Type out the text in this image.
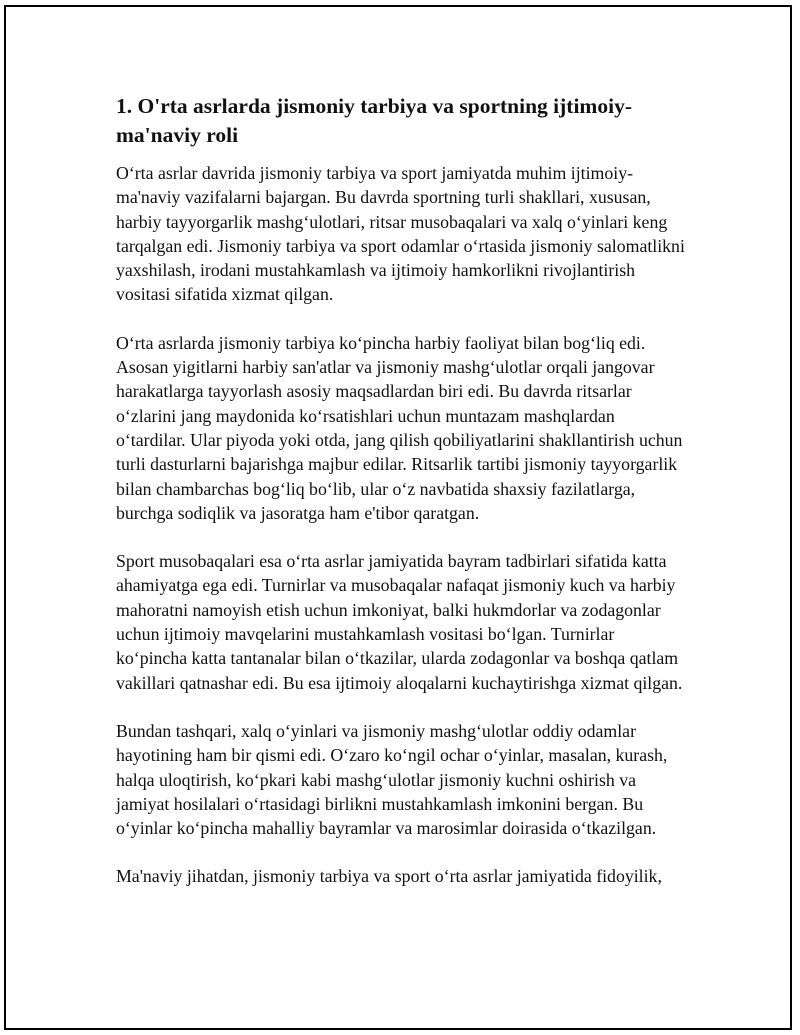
1. O'rta asrlarda jismoniy tarbiya va sportning ijtimoiy-ma'naviy roli

O‘rta asrlar davrida jismoniy tarbiya va sport jamiyatda muhim ijtimoiy-ma'naviy vazifalarni bajargan. Bu davrda sportning turli shakllari, xususan, harbiy tayyorgarlik mashg‘ulotlari, ritsar musobaqalari va xalq o‘yinlari keng tarqalgan edi. Jismoniy tarbiya va sport odamlar o‘rtasida jismoniy salomatlikni yaxshilash, irodani mustahkamlash va ijtimoiy hamkorlikni rivojlantirish vositasi sifatida xizmat qilgan.

O‘rta asrlarda jismoniy tarbiya ko‘pincha harbiy faoliyat bilan bog‘liq edi. Asosan yigitlarni harbiy san'atlar va jismoniy mashg‘ulotlar orqali jangovar harakatlarga tayyorlash asosiy maqsadlardan biri edi. Bu davrda ritsarlar o‘zlarini jang maydonida ko‘rsatishlari uchun muntazam mashqlardan o‘tardilar. Ular piyoda yoki otda, jang qilish qobiliyatlarini shakllantirish uchun turli dasturlarni bajarishga majbur edilar. Ritsarlik tartibi jismoniy tayyorgarlik bilan chambarchas bog‘liq bo‘lib, ular o‘z navbatida shaxsiy fazilatlarga, burchga sodiqlik va jasoratga ham e'tibor qaratgan.

Sport musobaqalari esa o‘rta asrlar jamiyatida bayram tadbirlari sifatida katta ahamiyatga ega edi. Turnirlar va musobaqalar nafaqat jismoniy kuch va harbiy mahoratni namoyish etish uchun imkoniyat, balki hukmdorlar va zodagonlar uchun ijtimoiy mavqelarini mustahkamlash vositasi bo‘lgan. Turnirlar ko‘pincha katta tantanalar bilan o‘tkazilar, ularda zodagonlar va boshqa qatlam vakillari qatnashar edi. Bu esa ijtimoiy aloqalarni kuchaytirishga xizmat qilgan.

Bundan tashqari, xalq o‘yinlari va jismoniy mashg‘ulotlar oddiy odamlar hayotining ham bir qismi edi. O‘zaro ko‘ngil ochar o‘yinlar, masalan, kurash, halqa uloqtirish, ko‘pkari kabi mashg‘ulotlar jismoniy kuchni oshirish va jamiyat hosilalari o‘rtasidagi birlikni mustahkamlash imkonini bergan. Bu o‘yinlar ko‘pincha mahalliy bayramlar va marosimlar doirasida o‘tkazilgan.

Ma'naviy jihatdan, jismoniy tarbiya va sport o‘rta asrlar jamiyatida fidoyilik,
